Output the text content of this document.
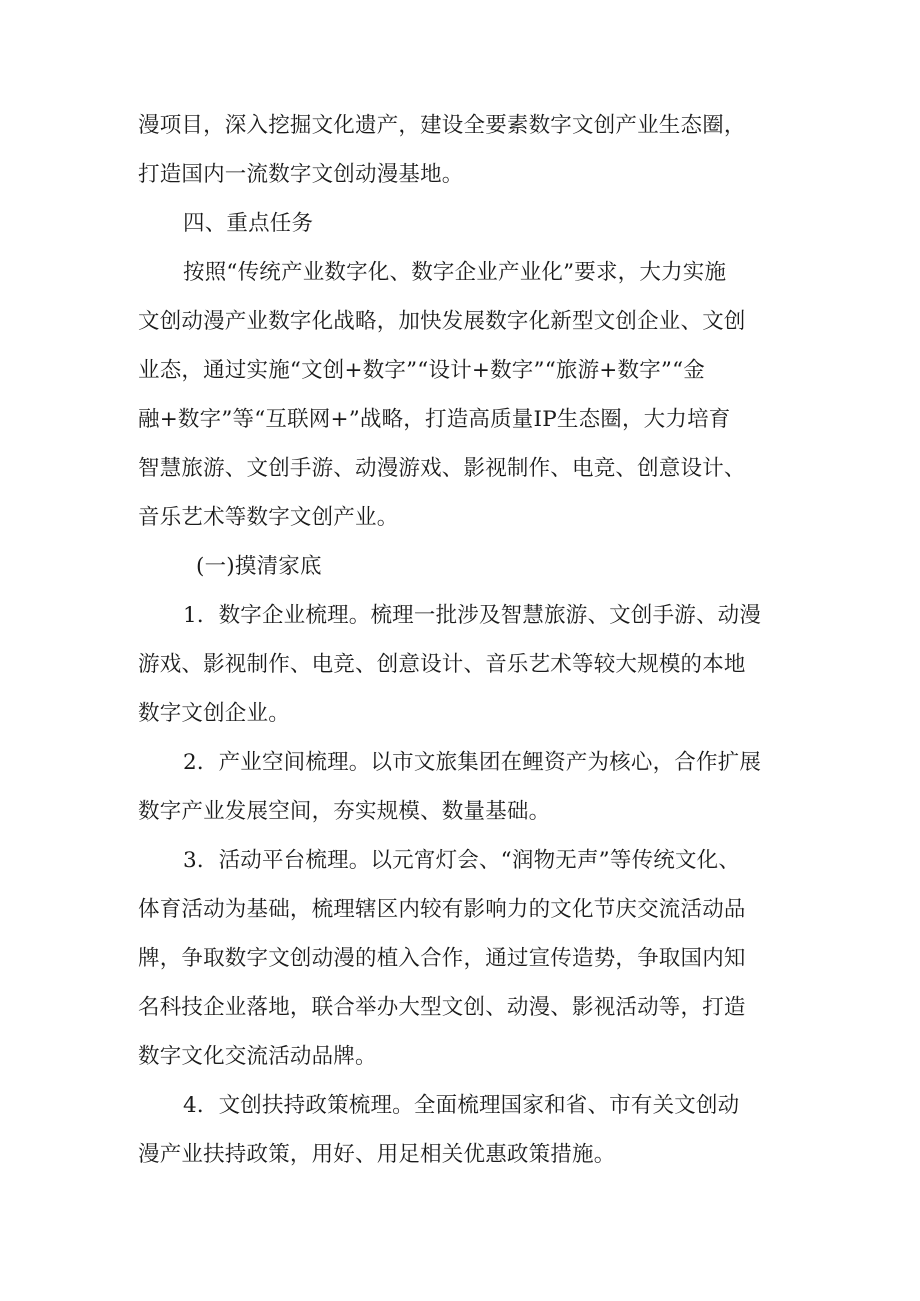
漫项目，深入挖掘文化遗产，建设全要素数字文创产业生态圈，
打造国内一流数字文创动漫基地。
四、重点任务
按照“传统产业数字化、数字企业产业化”要求，大力实施
文创动漫产业数字化战略，加快发展数字化新型文创企业、文创
业态，通过实施“文创+数字”“设计+数字”“旅游+数字”“金
融+数字”等“互联网+”战略，打造高质量IP生态圈，大力培育
智慧旅游、文创手游、动漫游戏、影视制作、电竞、创意设计、
音乐艺术等数字文创产业。
(一)摸清家底
1．数字企业梳理。梳理一批涉及智慧旅游、文创手游、动漫
游戏、影视制作、电竞、创意设计、音乐艺术等较大规模的本地
数字文创企业。
2．产业空间梳理。以市文旅集团在鲤资产为核心，合作扩展
数字产业发展空间，夯实规模、数量基础。
3．活动平台梳理。以元宵灯会、“润物无声”等传统文化、
体育活动为基础，梳理辖区内较有影响力的文化节庆交流活动品
牌，争取数字文创动漫的植入合作，通过宣传造势，争取国内知
名科技企业落地，联合举办大型文创、动漫、影视活动等，打造
数字文化交流活动品牌。
4．文创扶持政策梳理。全面梳理国家和省、市有关文创动
漫产业扶持政策，用好、用足相关优惠政策措施。
